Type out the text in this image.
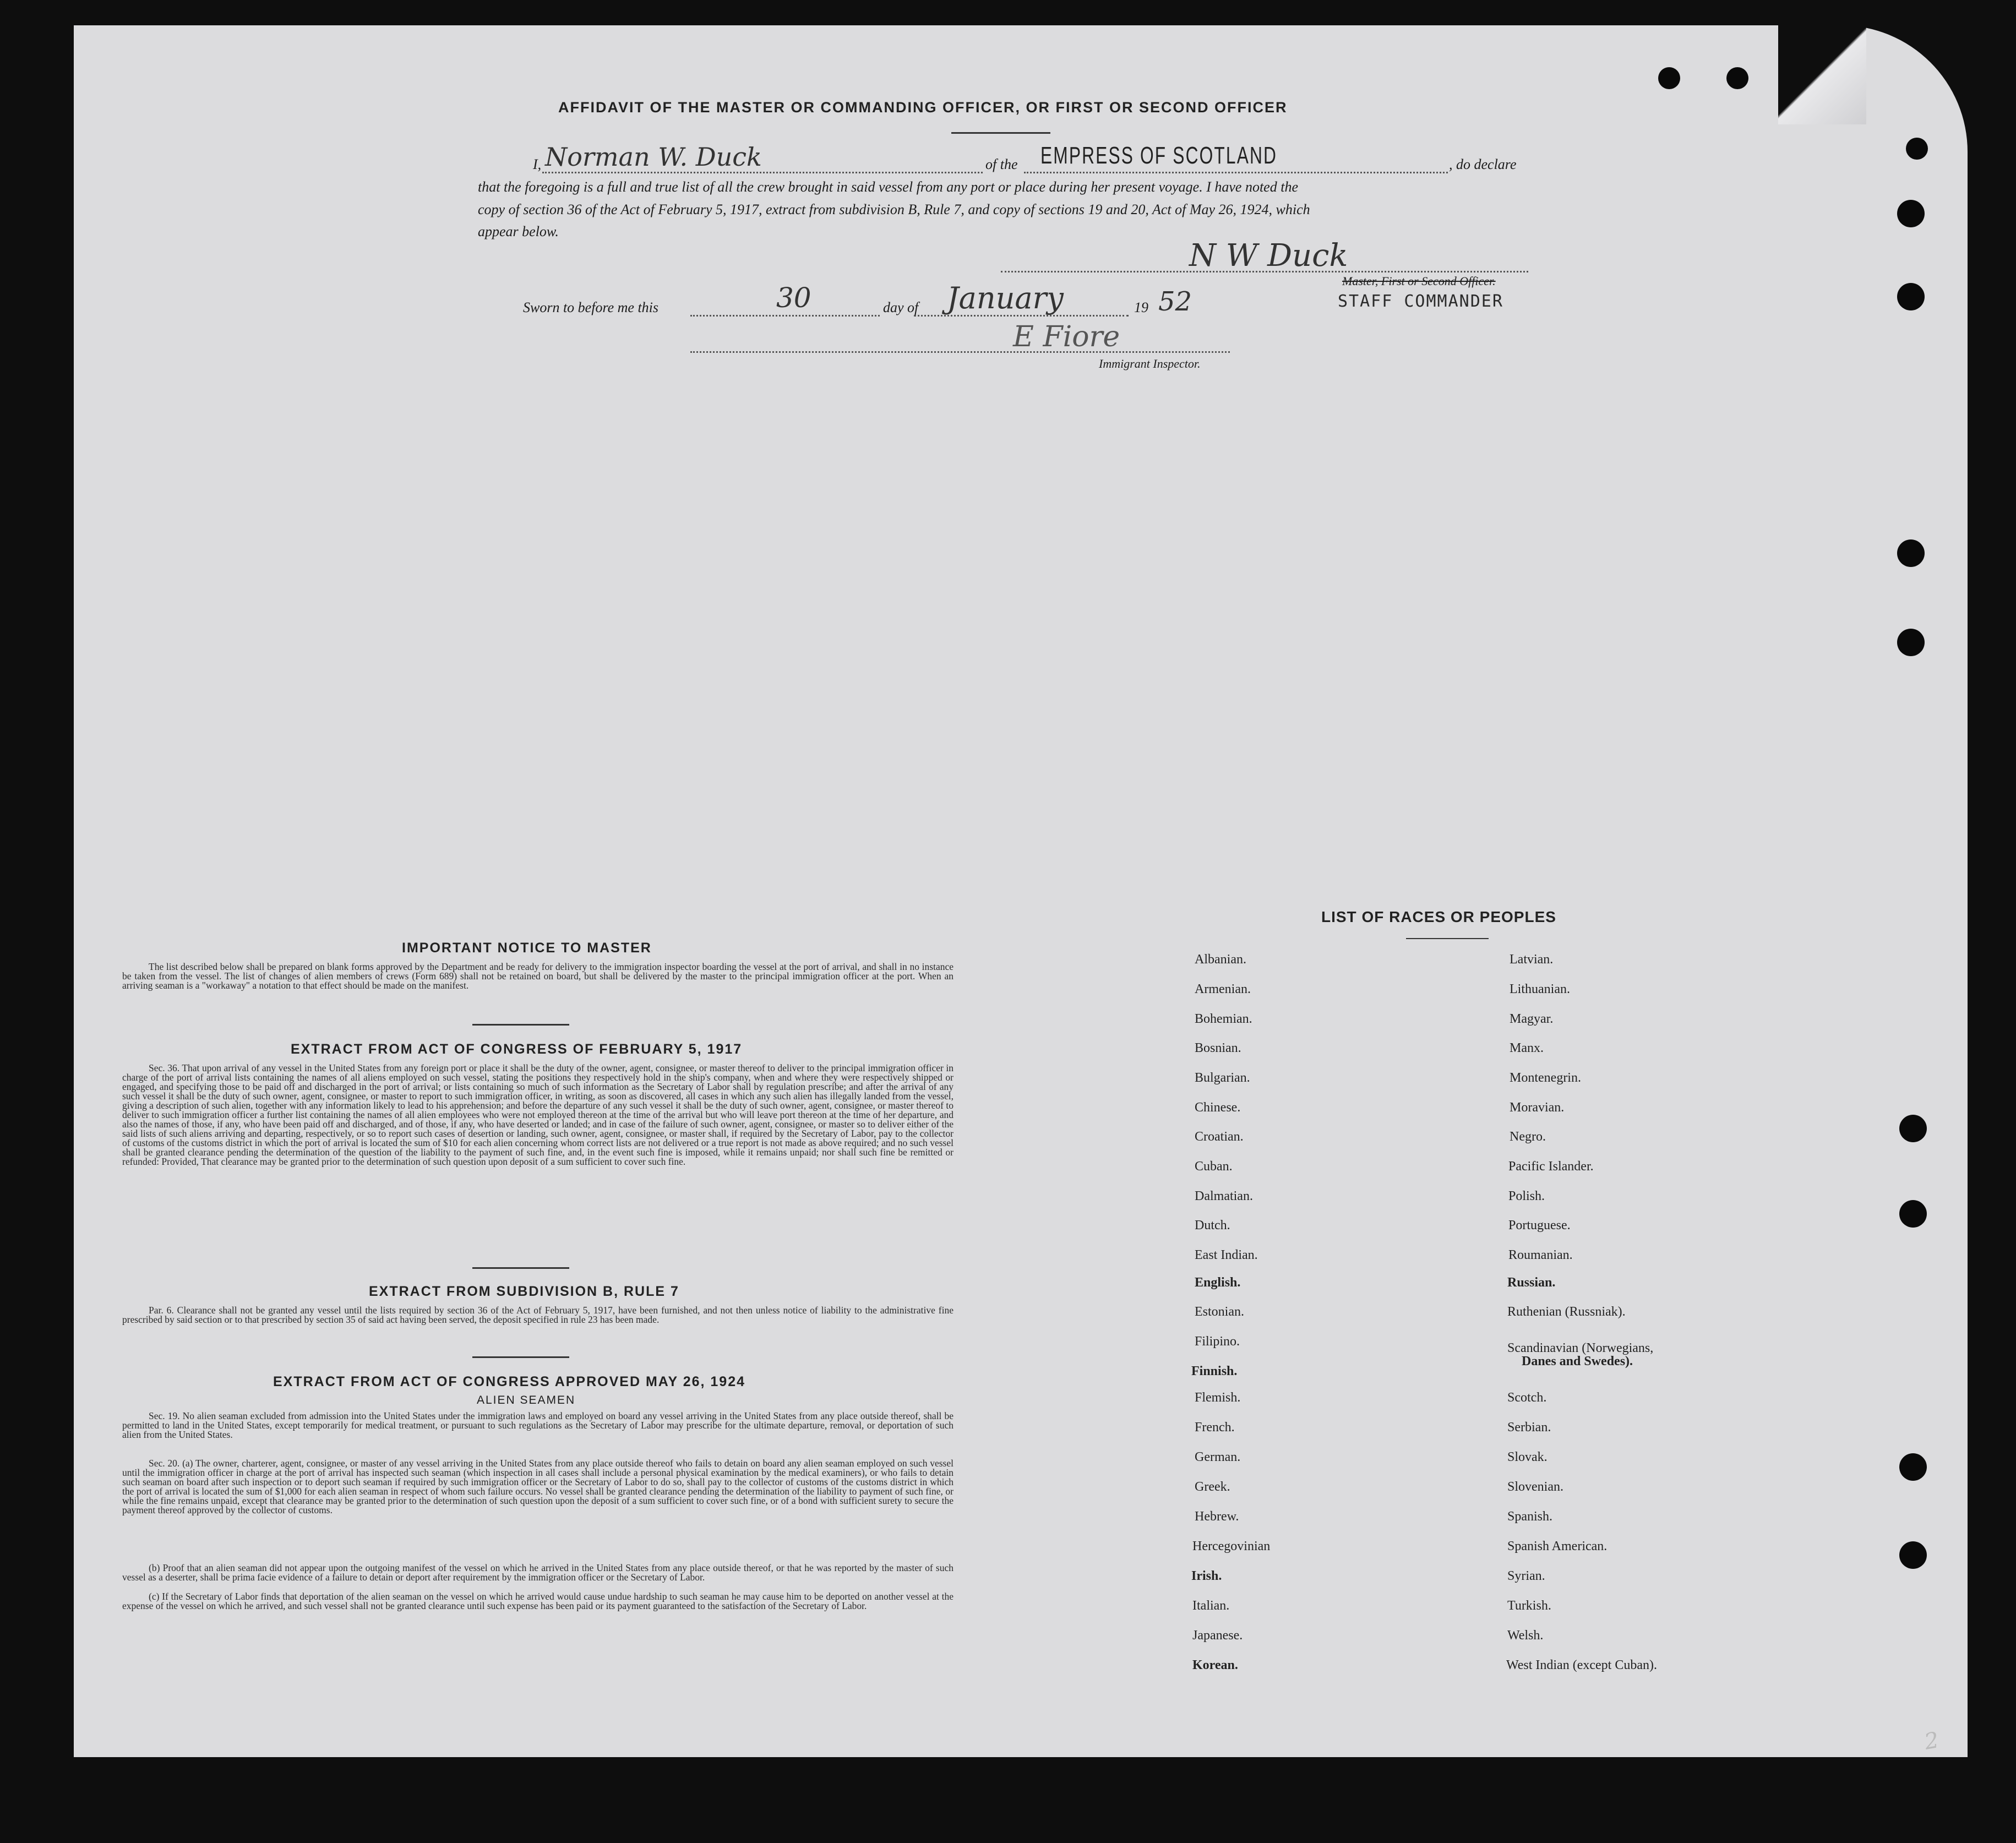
AFFIDAVIT OF THE MASTER OR COMMANDING OFFICER, OR FIRST OR SECOND OFFICER
I, Norman W. Duck	of the EMPRESS OF SCOTLAND	, do declare
that the foregoing is a full and true list of all the crew brought in said vessel from any port or place during her present voyage. I have noted the
copy of section 36 of the Act of February 5, 1917, extract from subdivision B, Rule 7, and copy of sections 19 and 20, Act of May 26, 1924, which
appear below.
N W Duck
Master, First or Second Officer.
STAFF COMMANDER
Sworn to before me this	30	day of January	19 52
E Fiore
Immigrant Inspector.
IMPORTANT NOTICE TO MASTER
The list described below shall be prepared on blank forms approved by the Department and be ready for delivery to the immigration inspector boarding the vessel at the port of arrival, and shall in no instance be taken from the vessel. The list of changes of alien members of crews (Form 689) shall not be retained on board, but shall be delivered by the master to the principal immigration officer at the port. When an arriving seaman is a "workaway" a notation to that effect should be made on the manifest.
EXTRACT FROM ACT OF CONGRESS OF FEBRUARY 5, 1917
Sec. 36. That upon arrival of any vessel in the United States from any foreign port or place it shall be the duty of the owner, agent, consignee, or master thereof to deliver to the principal immigration officer in charge of the port of arrival lists containing the names of all aliens employed on such vessel, stating the positions they respectively hold in the ship's company, when and where they were respectively shipped or engaged, and specifying those to be paid off and discharged in the port of arrival; or lists containing so much of such information as the Secretary of Labor shall by regulation prescribe; and after the arrival of any such vessel it shall be the duty of such owner, agent, consignee, or master to report to such immigration officer, in writing, as soon as discovered, all cases in which any such alien has illegally landed from the vessel, giving a description of such alien, together with any information likely to lead to his apprehension; and before the departure of any such vessel it shall be the duty of such owner, agent, consignee, or master thereof to deliver to such immigration officer a further list containing the names of all alien employees who were not employed thereon at the time of the arrival but who will leave port thereon at the time of her departure, and also the names of those, if any, who have been paid off and discharged, and of those, if any, who have deserted or landed; and in case of the failure of such owner, agent, consignee, or master so to deliver either of the said lists of such aliens arriving and departing, respectively, or so to report such cases of desertion or landing, such owner, agent, consignee, or master shall, if required by the Secretary of Labor, pay to the collector of customs of the customs district in which the port of arrival is located the sum of $10 for each alien concerning whom correct lists are not delivered or a true report is not made as above required; and no such vessel shall be granted clearance pending the determination of the question of the liability to the payment of such fine, and, in the event such fine is imposed, while it remains unpaid; nor shall such fine be remitted or refunded: Provided, That clearance may be granted prior to the determination of such question upon deposit of a sum sufficient to cover such fine.
EXTRACT FROM SUBDIVISION B, RULE 7
Par. 6. Clearance shall not be granted any vessel until the lists required by section 36 of the Act of February 5, 1917, have been furnished, and not then unless notice of liability to the administrative fine prescribed by said section or to that prescribed by section 35 of said act having been served, the deposit specified in rule 23 has been made.
EXTRACT FROM ACT OF CONGRESS APPROVED MAY 26, 1924
ALIEN SEAMEN
Sec. 19. No alien seaman excluded from admission into the United States under the immigration laws and employed on board any vessel arriving in the United States from any place outside thereof, shall be permitted to land in the United States, except temporarily for medical treatment, or pursuant to such regulations as the Secretary of Labor may prescribe for the ultimate departure, removal, or deportation of such alien from the United States.
Sec. 20. (a) The owner, charterer, agent, consignee, or master of any vessel arriving in the United States from any place outside thereof who fails to detain on board any alien seaman employed on such vessel until the immigration officer in charge at the port of arrival has inspected such seaman (which inspection in all cases shall include a personal physical examination by the medical examiners), or who fails to detain such seaman on board after such inspection or to deport such seaman if required by such immigration officer or the Secretary of Labor to do so, shall pay to the collector of customs of the customs district in which the port of arrival is located the sum of $1,000 for each alien seaman in respect of whom such failure occurs. No vessel shall be granted clearance pending the determination of the liability to payment of such fine, or while the fine remains unpaid, except that clearance may be granted prior to the determination of such question upon the deposit of a sum sufficient to cover such fine, or of a bond with sufficient surety to secure the payment thereof approved by the collector of customs.
(b) Proof that an alien seaman did not appear upon the outgoing manifest of the vessel on which he arrived in the United States from any place outside thereof, or that he was reported by the master of such vessel as a deserter, shall be prima facie evidence of a failure to detain or deport after requirement by the immigration officer or the Secretary of Labor.
(c) If the Secretary of Labor finds that deportation of the alien seaman on the vessel on which he arrived would cause undue hardship to such seaman he may cause him to be deported on another vessel at the expense of the vessel on which he arrived, and such vessel shall not be granted clearance until such expense has been paid or its payment guaranteed to the satisfaction of the Secretary of Labor.
LIST OF RACES OR PEOPLES
Albanian.
Armenian.
Bohemian.
Bosnian.
Bulgarian.
Chinese.
Croatian.
Cuban.
Dalmatian.
Dutch.
East Indian.
English.
Estonian.
Filipino.
Finnish.
Flemish.
French.
German.
Greek.
Hebrew.
Hercegovinian
Irish.
Italian.
Japanese.
Korean.
Latvian.
Lithuanian.
Magyar.
Manx.
Montenegrin.
Moravian.
Negro.
Pacific Islander.
Polish.
Portuguese.
Roumanian.
Russian.
Ruthenian (Russniak).
Scandinavian (Norwegians,
Danes and Swedes).
Scotch.
Serbian.
Slovak.
Slovenian.
Spanish.
Spanish American.
Syrian.
Turkish.
Welsh.
West Indian (except Cuban).
2
